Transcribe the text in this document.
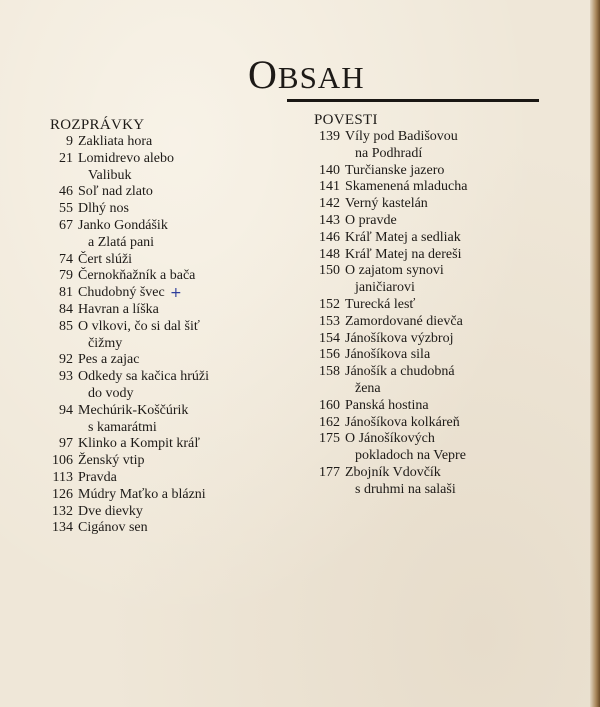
OBSAH
ROZPRÁVKY
9 Zakliata hora
21 Lomidrevo alebo
Valibuk
46 Soľ nad zlato
55 Dlhý nos
67 Janko Gondášik
a Zlatá pani
74 Čert slúži
79 Černokňažník a bača
81 Chudobný švec
84 Havran a líška
85 O vlkovi, čo si dal šiť
čižmy
92 Pes a zajac
93 Odkedy sa kačica hrúži
do vody
94 Mechúrik-Koščúrik
s kamarátmi
97 Klinko a Kompit kráľ
106 Ženský vtip
113 Pravda
126 Múdry Maťko a blázni
132 Dve dievky
134 Cigánov sen
POVESTI
139 Víly pod Badišovou
na Podhradí
140 Turčianske jazero
141 Skamenená mladucha
142 Verný kastelán
143 O pravde
146 Kráľ Matej a sedliak
148 Kráľ Matej na dereši
150 O zajatom synovi
janičiarovi
152 Turecká lesť
153 Zamordované dievča
154 Jánošíkova výzbroj
156 Jánošíkova sila
158 Jánošík a chudobná
žena
160 Panská hostina
162 Jánošíkova kolkáreň
175 O Jánošíkových
pokladoch na Vepre
177 Zbojník Vdovčík
s druhmi na salaši
+
